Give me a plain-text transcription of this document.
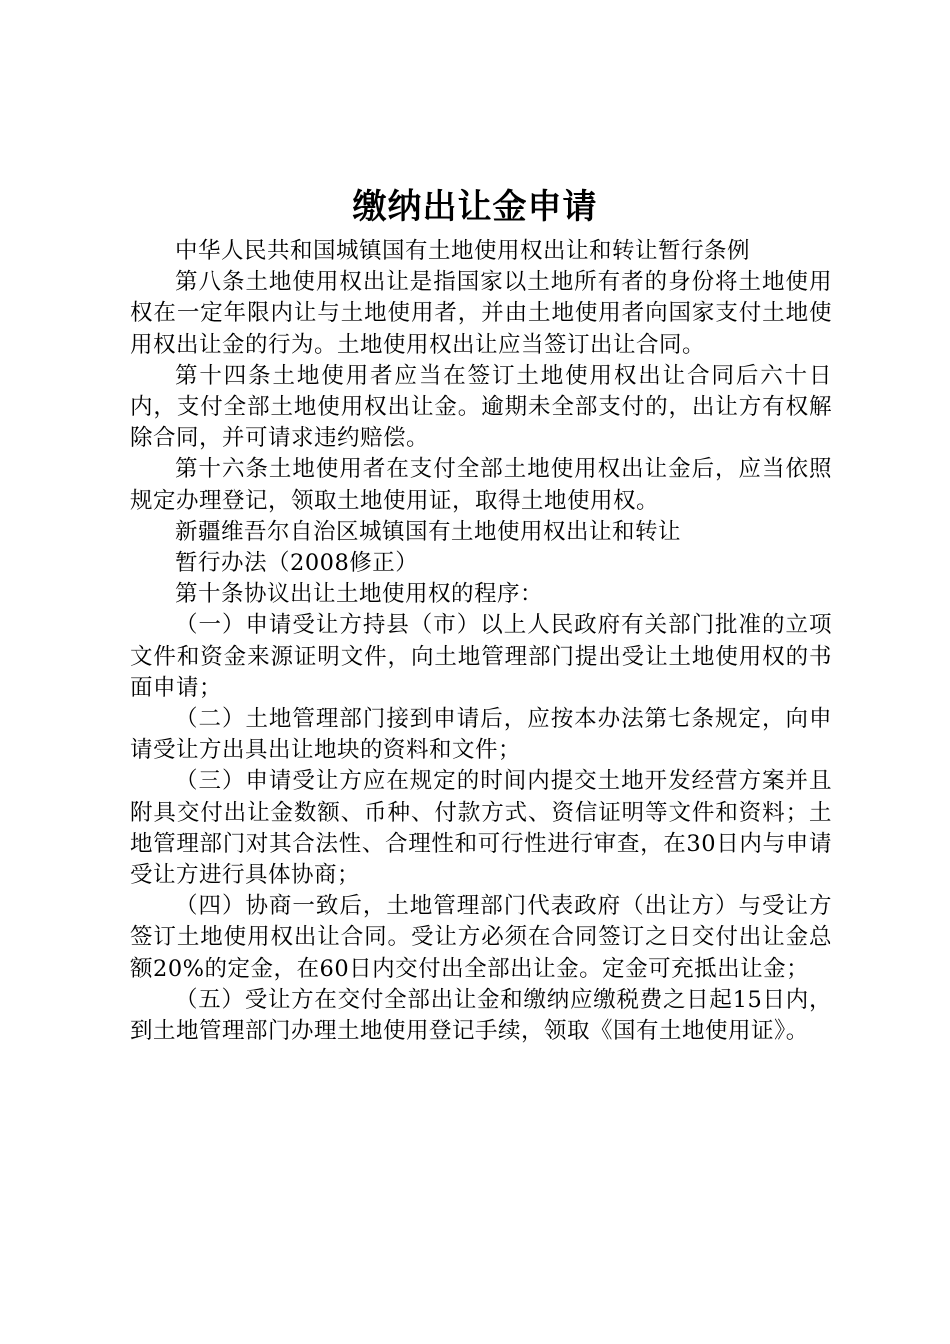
缴纳出让金申请

中华人民共和国城镇国有土地使用权出让和转让暂行条例

第八条土地使用权出让是指国家以土地所有者的身份将土地使用权在一定年限内让与土地使用者，并由土地使用者向国家支付土地使用权出让金的行为。土地使用权出让应当签订出让合同。

第十四条土地使用者应当在签订土地使用权出让合同后六十日内，支付全部土地使用权出让金。逾期未全部支付的，出让方有权解除合同，并可请求违约赔偿。

第十六条土地使用者在支付全部土地使用权出让金后，应当依照规定办理登记，领取土地使用证，取得土地使用权。

新疆维吾尔自治区城镇国有土地使用权出让和转让

暂行办法（2008修正）

第十条协议出让土地使用权的程序：

（一）申请受让方持县（市）以上人民政府有关部门批准的立项文件和资金来源证明文件，向土地管理部门提出受让土地使用权的书面申请；

（二）土地管理部门接到申请后，应按本办法第七条规定，向申请受让方出具出让地块的资料和文件；

（三）申请受让方应在规定的时间内提交土地开发经营方案并且附具交付出让金数额、币种、付款方式、资信证明等文件和资料；土地管理部门对其合法性、合理性和可行性进行审查，在30日内与申请受让方进行具体协商；

（四）协商一致后，土地管理部门代表政府（出让方）与受让方签订土地使用权出让合同。受让方必须在合同签订之日交付出让金总额20%的定金，在60日内交付出全部出让金。定金可充抵出让金；

（五）受让方在交付全部出让金和缴纳应缴税费之日起15日内，到土地管理部门办理土地使用登记手续，领取《国有土地使用证》。
